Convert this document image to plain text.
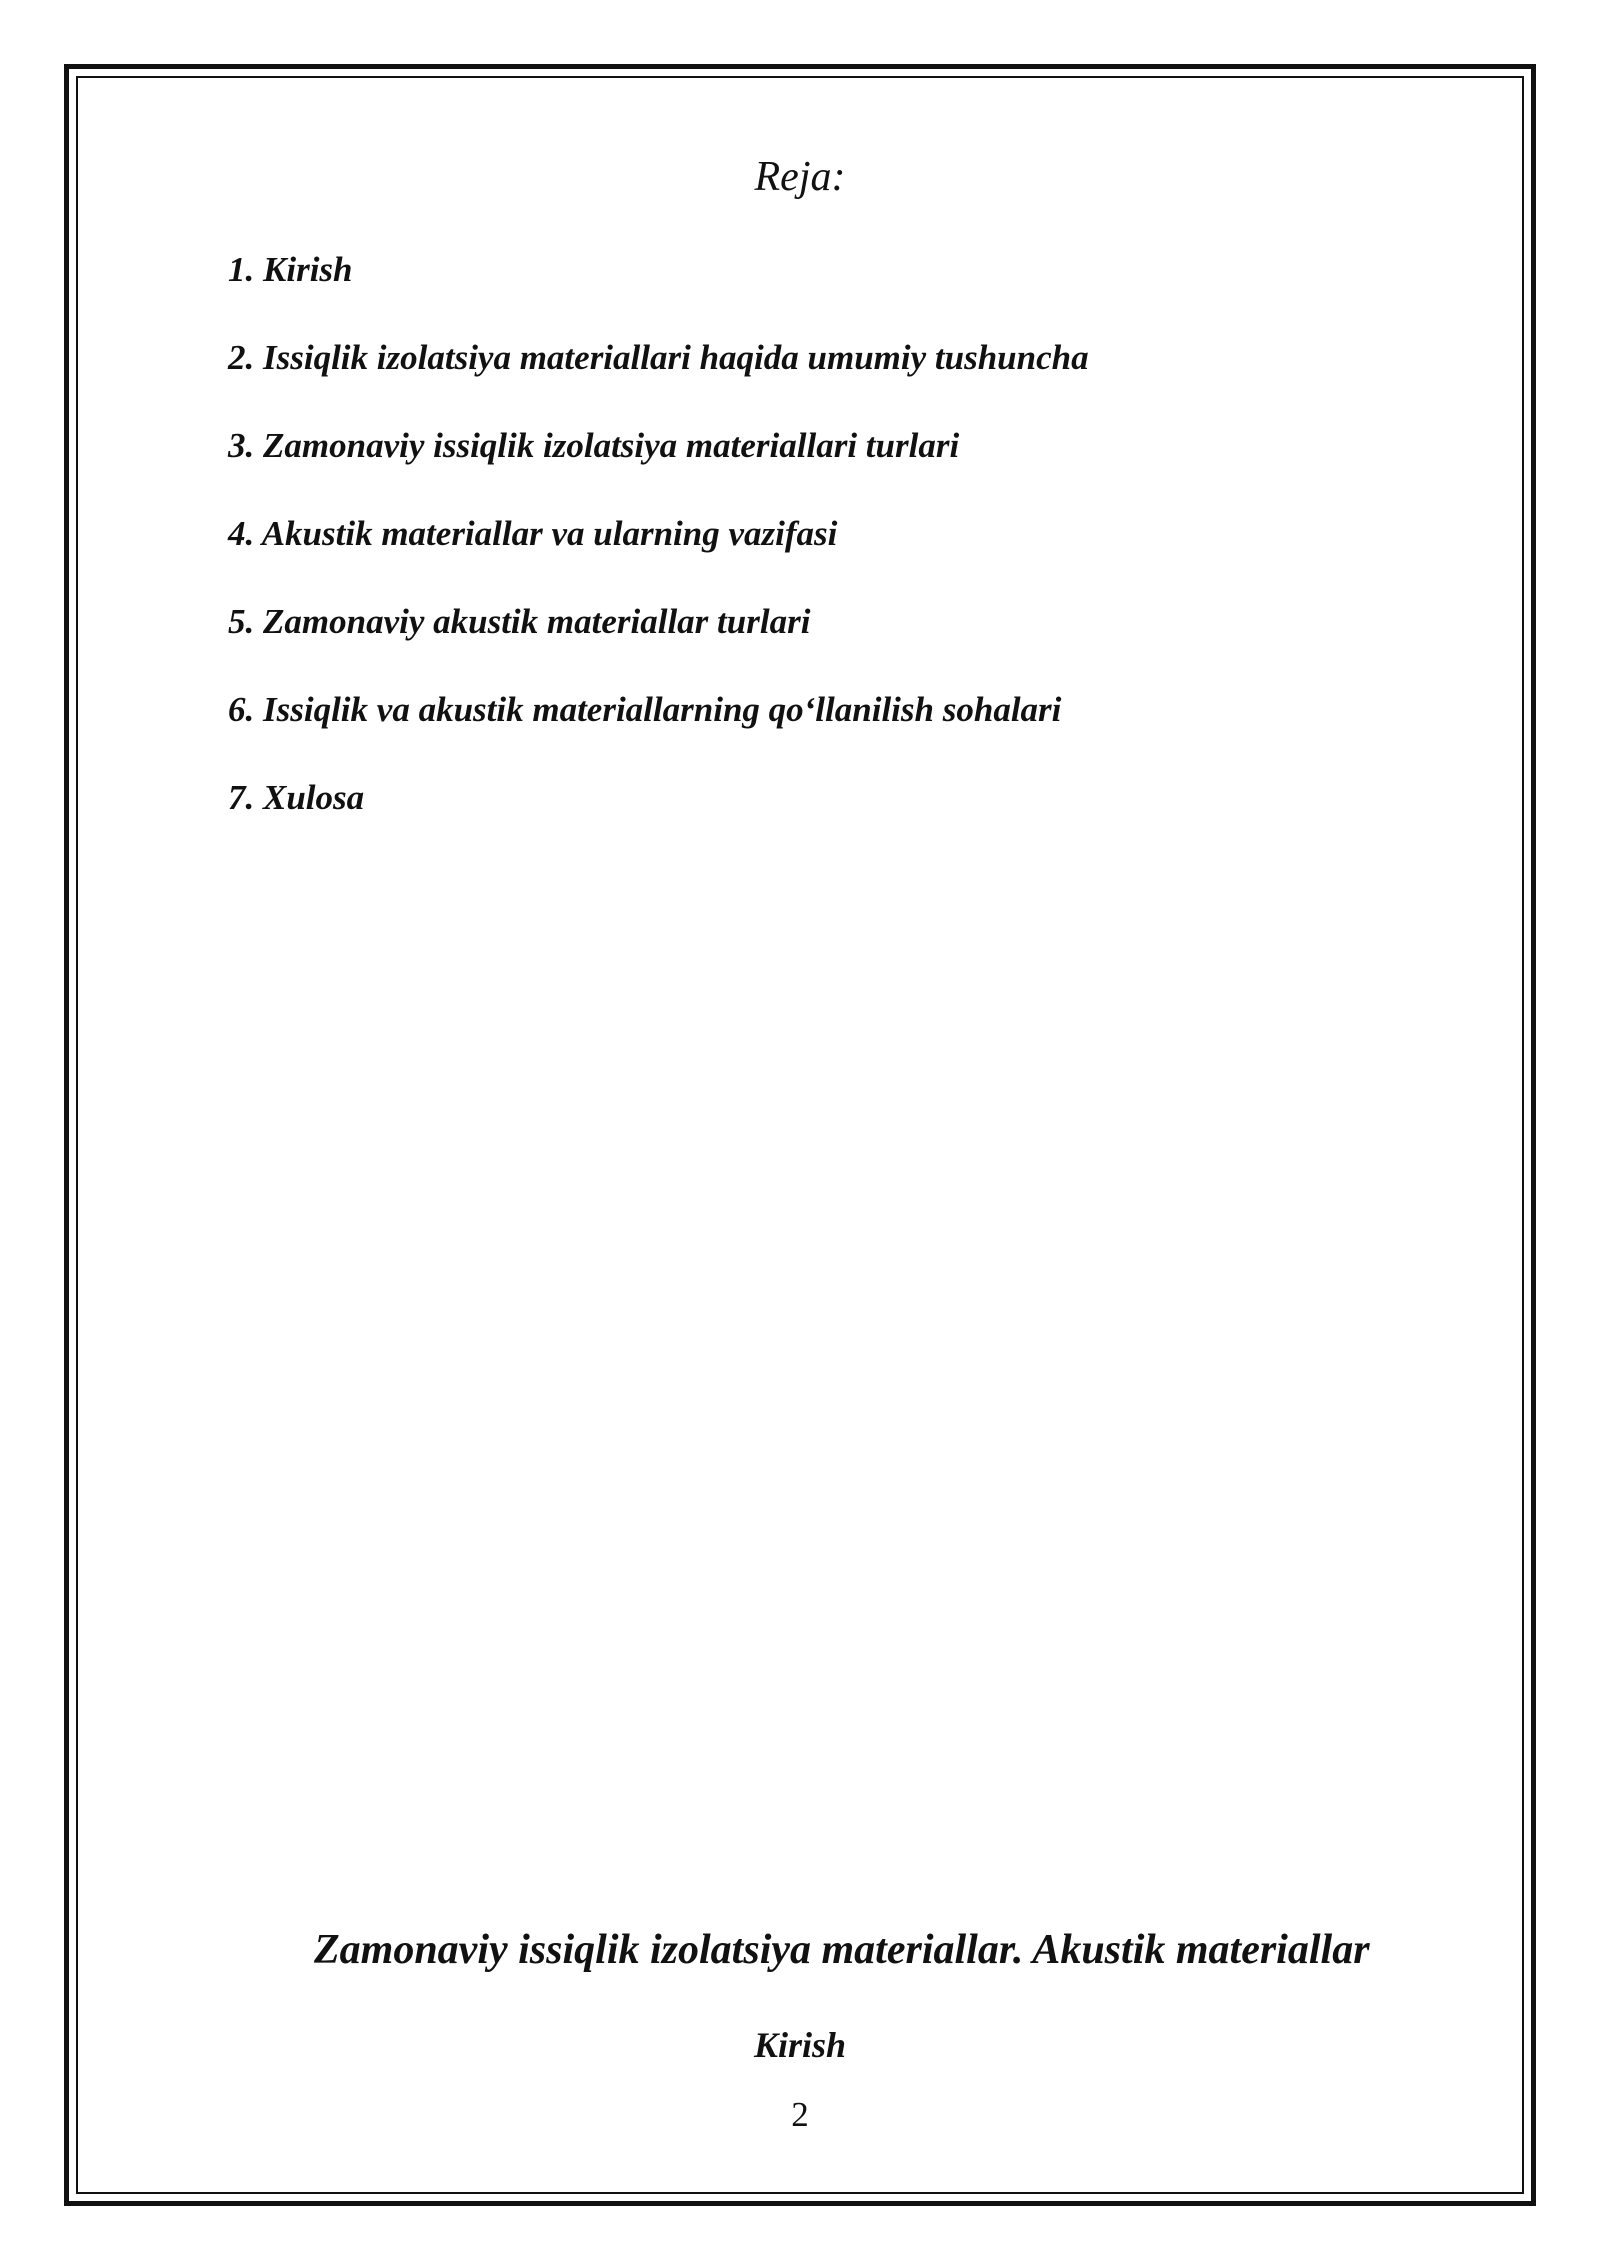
Reja:
1. Kirish
2. Issiqlik izolatsiya materiallari haqida umumiy tushuncha
3. Zamonaviy issiqlik izolatsiya materiallari turlari
4. Akustik materiallar va ularning vazifasi
5. Zamonaviy akustik materiallar turlari
6. Issiqlik va akustik materiallarning qo‘llanilish sohalari
7. Xulosa
Zamonaviy issiqlik izolatsiya materiallar. Akustik materiallar
Kirish
2
